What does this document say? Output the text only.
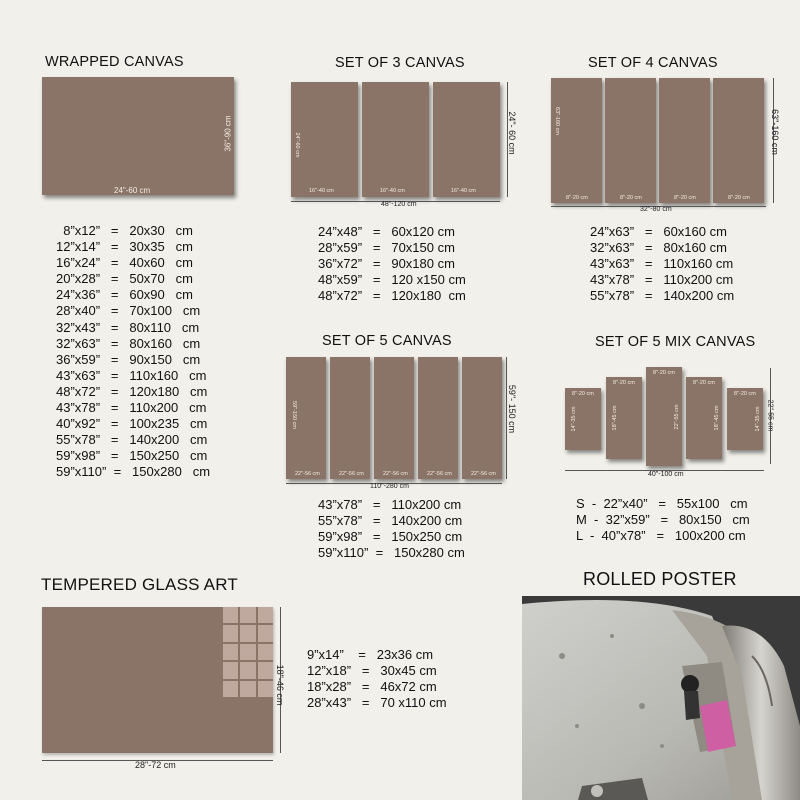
WRAPPED CANVAS
24"-60 cm
36"-90 cm
8”x12”   =   20x30   cm
12”x14”   =   30x35   cm
16”x24”   =   40x60   cm
20”x28”   =   50x70   cm
24”x36”   =   60x90   cm
28”x40”   =   70x100   cm
32”x43”   =   80x110   cm
32”x63”   =   80x160   cm
36”x59”   =   90x150   cm
43”x63”   =   110x160   cm
48”x72”   =   120x180   cm
43”x78”   =   110x200   cm
40”x92”   =   100x235   cm
55”x78”   =   140x200   cm
59”x98”   =   150x250   cm
59”x110”  =   150x280   cm
SET OF 3 CANVAS
16"-40 cm
24"-60 cm
16"-40 cm	16"-40 cm
48"-120 cm
24"- 60 cm
24”x48”   =   60x120 cm
28”x59”   =   70x150 cm
36”x72”   =   90x180 cm
48”x59”   =   120 x150 cm
48”x72”   =   120x180  cm
SET OF 4 CANVAS
8"-20 cm
63"-160 cm
8"-20 cm	8"-20 cm	8"-20 cm
32"-80 cm
63"-160 cm
24”x63”   =   60x160 cm
32”x63”   =   80x160 cm
43”x63”   =   110x160 cm
43”x78”   =   110x200 cm
55”x78”   =   140x200 cm
SET OF 5 CANVAS
22"-56 cm
59"-150 cm
22"-56 cm	22"-56 cm	22"-56 cm	22"-56 cm
110"-280 cm
59"- 150 cm
43”x78”   =   110x200 cm
55”x78”   =   140x200 cm
59”x98”   =   150x250 cm
59”x110”  =   150x280 cm
SET OF 5 MIX CANVAS
8"-20 cm
14"-35 cm
8"-20 cm
18"-45 cm
8"-20 cm
22"-55 cm
8"-20 cm
18"-45 cm
8"-20 cm
14"-35 cm
40"-100 cm
22"-55 cm
S  -  22”x40”   =   55x100   cm
M  -  32”x59”   =   80x150   cm
L  -  40”x78”   =   100x200 cm
TEMPERED GLASS ART
28"-72 cm
18"-46 cm
9”x14”    =   23x36 cm
12”x18”   =   30x45 cm
18”x28”   =   46x72 cm
28”x43”   =   70 x110 cm
ROLLED POSTER
